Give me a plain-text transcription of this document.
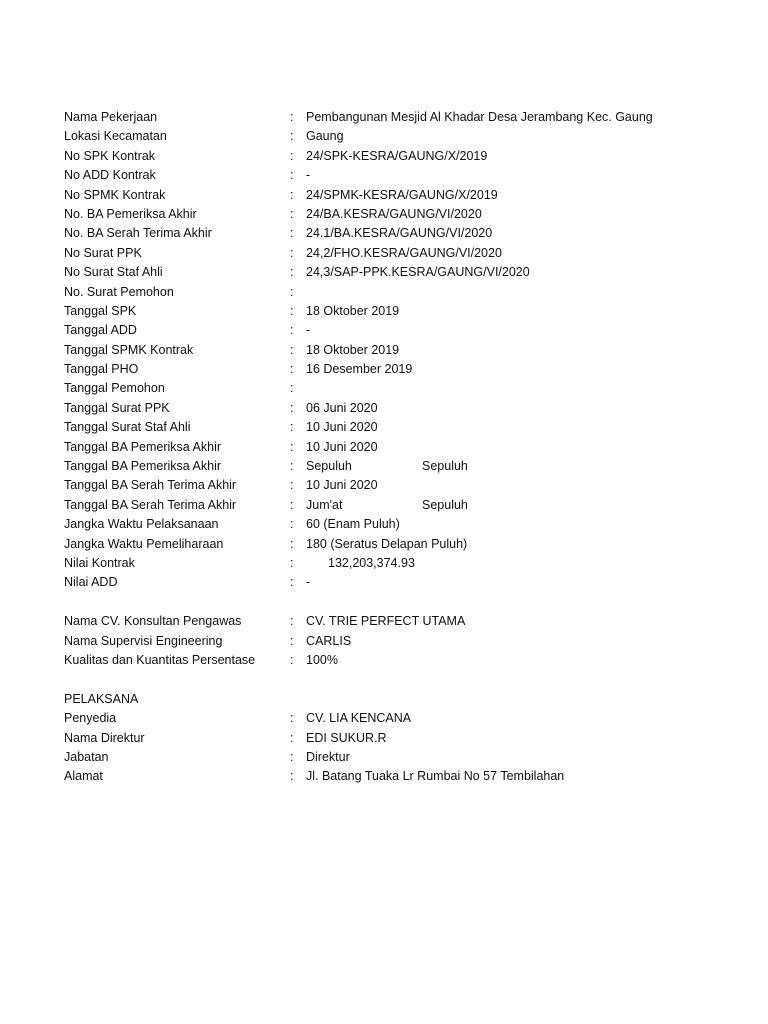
Nama Pekerjaan	: Pembangunan Mesjid Al Khadar Desa Jerambang Kec. Gaung
Lokasi Kecamatan	: Gaung
No SPK Kontrak	: 24/SPK-KESRA/GAUNG/X/2019
No ADD Kontrak	: -
No SPMK Kontrak	: 24/SPMK-KESRA/GAUNG/X/2019
No. BA Pemeriksa Akhir	: 24/BA.KESRA/GAUNG/VI/2020
No. BA Serah Terima Akhir	: 24.1/BA.KESRA/GAUNG/VI/2020
No Surat PPK	: 24,2/FHO.KESRA/GAUNG/VI/2020
No Surat Staf Ahli	: 24,3/SAP-PPK.KESRA/GAUNG/VI/2020
No. Surat Pemohon	:
Tanggal SPK	: 18 Oktober 2019
Tanggal ADD	: -
Tanggal SPMK Kontrak	: 18 Oktober 2019
Tanggal PHO	: 16 Desember 2019
Tanggal Pemohon	:
Tanggal Surat PPK	: 06 Juni 2020
Tanggal Surat Staf Ahli	: 10 Juni 2020
Tanggal BA Pemeriksa Akhir	: 10 Juni 2020
Tanggal BA Pemeriksa Akhir	: Sepuluh	Sepuluh
Tanggal BA Serah Terima Akhir	: 10 Juni 2020
Tanggal BA Serah Terima Akhir	: Jum'at	Sepuluh
Jangka Waktu Pelaksanaan	: 60 (Enam Puluh)
Jangka Waktu Pemeliharaan	: 180 (Seratus Delapan Puluh)
Nilai Kontrak	:	132,203,374.93
Nilai ADD	: -
Nama CV. Konsultan Pengawas	: CV. TRIE PERFECT UTAMA
Nama Supervisi Engineering	: CARLIS
Kualitas dan Kuantitas Persentase	: 100%
PELAKSANA
Penyedia	: CV. LIA KENCANA
Nama Direktur	: EDI SUKUR.R
Jabatan	: Direktur
Alamat	: Jl. Batang Tuaka Lr Rumbai No 57 Tembilahan
